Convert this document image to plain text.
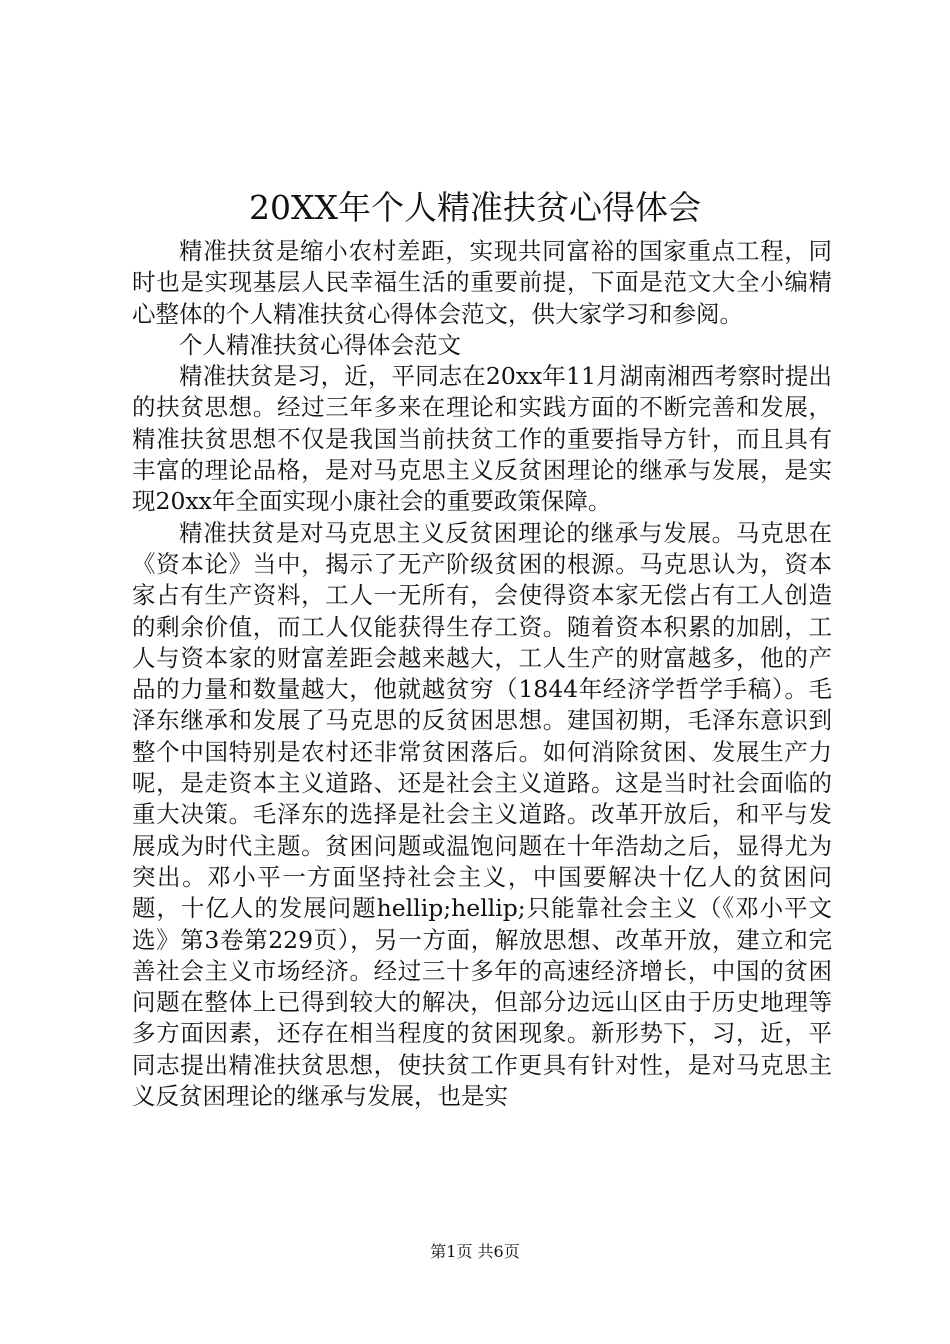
20XX年个人精准扶贫心得体会

精准扶贫是缩小农村差距，实现共同富裕的国家重点工程，同时也是实现基层人民幸福生活的重要前提，下面是范文大全小编精心整体的个人精准扶贫心得体会范文，供大家学习和参阅。

个人精准扶贫心得体会范文

精准扶贫是习，近，平同志在20xx年11月湖南湘西考察时提出的扶贫思想。经过三年多来在理论和实践方面的不断完善和发展，精准扶贫思想不仅是我国当前扶贫工作的重要指导方针，而且具有丰富的理论品格，是对马克思主义反贫困理论的继承与发展，是实现20xx年全面实现小康社会的重要政策保障。

精准扶贫是对马克思主义反贫困理论的继承与发展。马克思在《资本论》当中，揭示了无产阶级贫困的根源。马克思认为，资本家占有生产资料，工人一无所有，会使得资本家无偿占有工人创造的剩余价值，而工人仅能获得生存工资。随着资本积累的加剧，工人与资本家的财富差距会越来越大，工人生产的财富越多，他的产品的力量和数量越大，他就越贫穷（1844年经济学哲学手稿）。毛泽东继承和发展了马克思的反贫困思想。建国初期，毛泽东意识到整个中国特别是农村还非常贫困落后。如何消除贫困、发展生产力呢，是走资本主义道路、还是社会主义道路。这是当时社会面临的重大决策。毛泽东的选择是社会主义道路。改革开放后，和平与发展成为时代主题。贫困问题或温饱问题在十年浩劫之后，显得尤为突出。邓小平一方面坚持社会主义，中国要解决十亿人的贫困问题，十亿人的发展问题hellip;hellip;只能靠社会主义（《邓小平文选》第3卷第229页），另一方面，解放思想、改革开放，建立和完善社会主义市场经济。经过三十多年的高速经济增长，中国的贫困问题在整体上已得到较大的解决，但部分边远山区由于历史地理等多方面因素，还存在相当程度的贫困现象。新形势下，习，近，平同志提出精准扶贫思想，使扶贫工作更具有针对性，是对马克思主义反贫困理论的继承与发展，也是实

第1页 共6页
